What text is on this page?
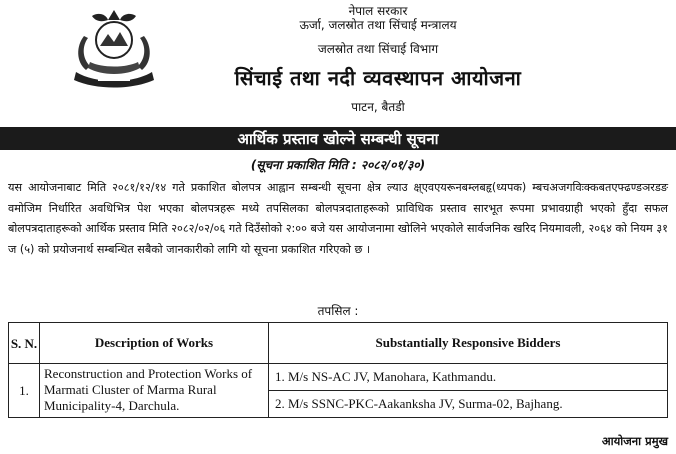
नेपाल सरकार
ऊर्जा, जलस्रोत तथा सिंचाई मन्त्रालय
जलस्रोत तथा सिंचाई विभाग
सिंचाई तथा नदी व्यवस्थापन आयोजना
पाटन, बैतडी
आर्थिक प्रस्ताव खोल्ने सम्बन्धी सूचना
(सूचना प्रकाशित मिति : २०८२/०१/३०)
यस आयोजनाबाट मिति २०८१/१२/१४ गते प्रकाशित बोलपत्र आह्वान सम्बन्धी सूचना क्षेत्र ल्याउ क्ष्एवएयरूनबम्लबहृ(ध्यपक) म्बचअजगविःक्कबतएफ्ढण्डञरडङ वमोजिम निर्धारित अवधिभित्र पेश भएका बोलपत्रहरू मध्ये तपसिलका बोलपत्रदाताहरूको प्राविधिक प्रस्ताव सारभूत रूपमा प्रभावग्राही भएको हुँदा सफल बोलपत्रदाताहरूको आर्थिक प्रस्ताव मिति २०८२/०२/०६ गते दिउँसोको २:०० बजे यस आयोजनामा खोलिने भएकोले सार्वजनिक खरिद नियमावली, २०६४ को नियम ३१ ज (५) को प्रयोजनार्थ सम्बन्धित सबैको जानकारीको लागि यो सूचना प्रकाशित गरिएको छ ।
तपसिल :
S. N.	Description of Works	Substantially Responsive Bidders
1.	Reconstruction and Protection Works of Marmati Cluster of Marma Rural Municipality-4, Darchula.	1. M/s NS-AC JV, Manohara, Kathmandu.
		2. M/s SSNC-PKC-Aakanksha JV, Surma-02, Bajhang.
आयोजना प्रमुख
